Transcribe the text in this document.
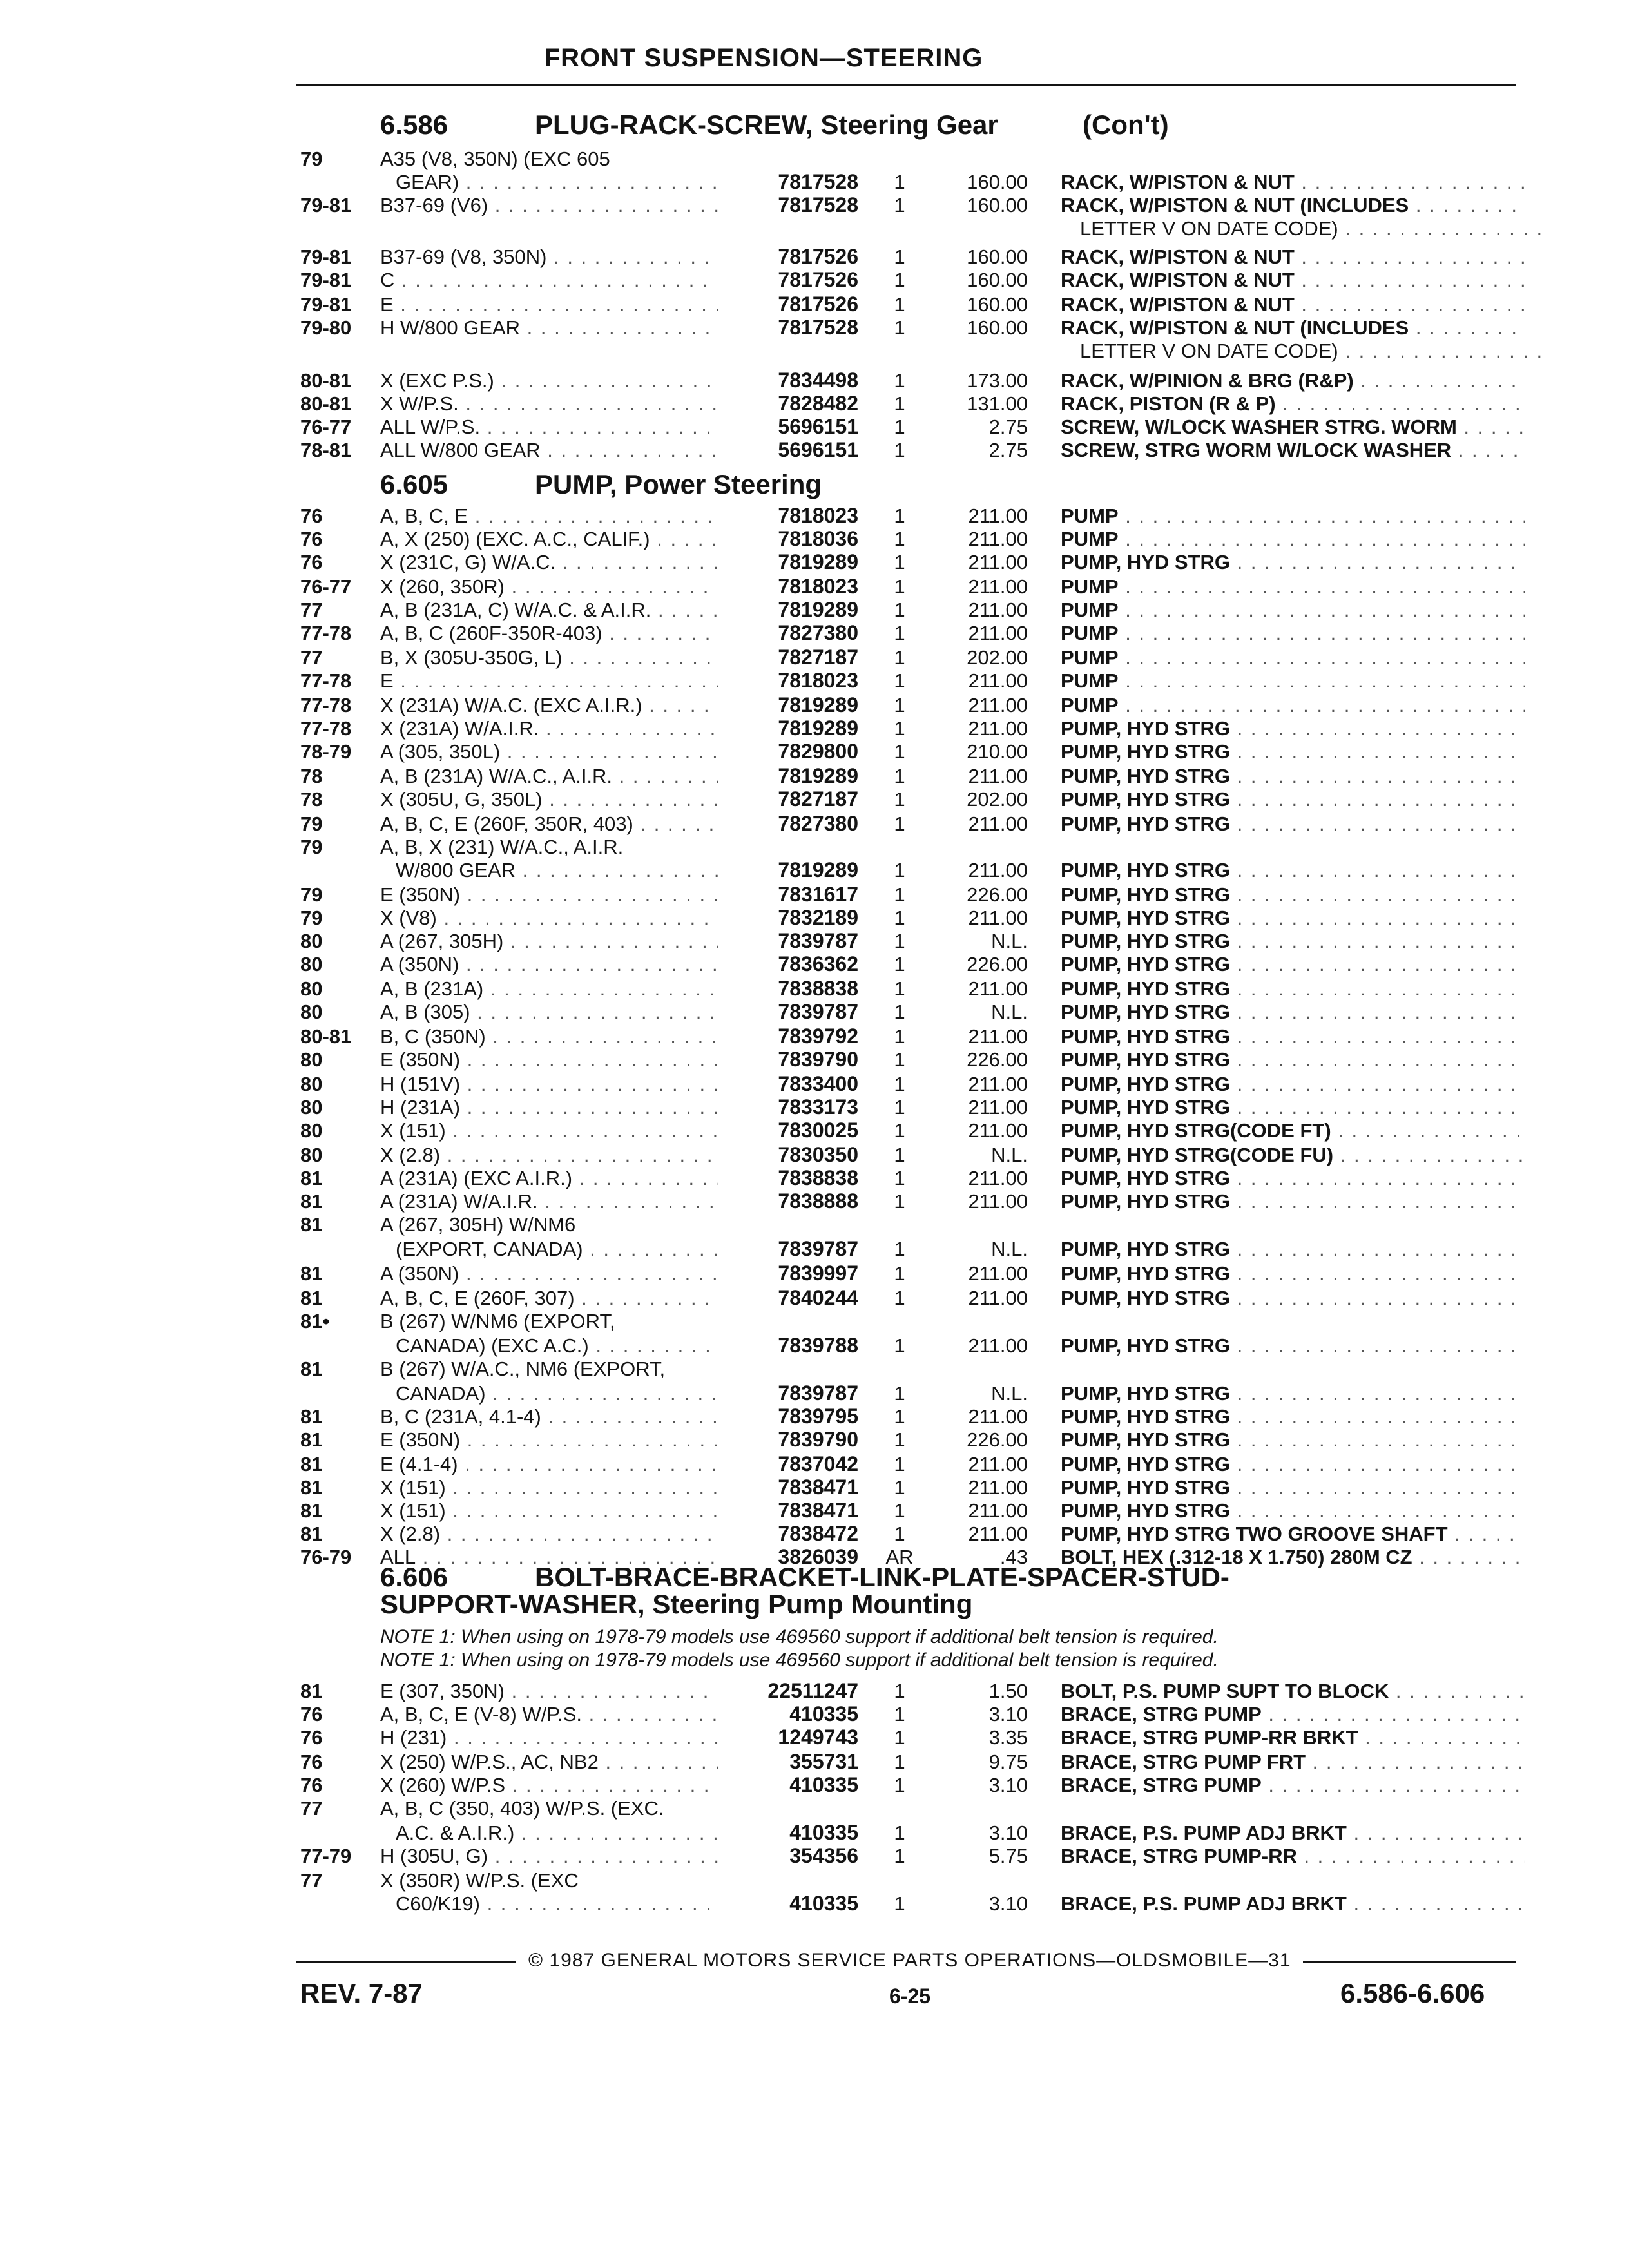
FRONT SUSPENSION—STEERING
6.586	PLUG-RACK-SCREW, Steering Gear	(Con't)
6.605	PUMP, Power Steering
6.606	BOLT-BRACE-BRACKET-LINK-PLATE-SPACER-STUD-
SUPPORT-WASHER, Steering Pump Mounting
NOTE 1: When using on 1978-79 models use 469560 support if additional belt tension is required.
NOTE 1: When using on 1978-79 models use 469560 support if additional belt tension is required.
79	A35 (V8, 350N) (EXC 605
GEAR) . . .	7817528	1	160.00 RACK, W/PISTON & NUT . . .
79-81 B37-69 (V6) . . .	7817528	1	160.00 RACK, W/PISTON & NUT (INCLUDES . . .
LETTER V ON DATE CODE) . . .
79-81 B37-69 (V8, 350N) . . .	7817526	1	160.00 RACK, W/PISTON & NUT . . .
79-81 C . . .	7817526	1	160.00 RACK, W/PISTON & NUT . . .
79-81 E . . .	7817526	1	160.00 RACK, W/PISTON & NUT . . .
79-80 H W/800 GEAR . . .	7817528	1	160.00 RACK, W/PISTON & NUT (INCLUDES . . .
LETTER V ON DATE CODE) . . .
80-81 X (EXC P.S.) . . .	7834498	1	173.00 RACK, W/PINION & BRG (R&P) . . .
80-81 X W/P.S. . . .	7828482	1	131.00 RACK, PISTON (R & P) . . .
76-77 ALL W/P.S. . . .	5696151	1	2.75 SCREW, W/LOCK WASHER STRG. WORM . . .
78-81 ALL W/800 GEAR . . .	5696151	1	2.75 SCREW, STRG WORM W/LOCK WASHER . . .
76	A, B, C, E . . .	7818023	1	211.00 PUMP . . .
76	A, X (250) (EXC. A.C., CALIF.) . . .	7818036	1	211.00 PUMP . . .
76	X (231C, G) W/A.C. . . .	7819289	1	211.00 PUMP, HYD STRG . . .
76-77 X (260, 350R) . . .	7818023	1	211.00 PUMP . . .
77	A, B (231A, C) W/A.C. & A.I.R. . . .	7819289	1	211.00 PUMP . . .
77-78 A, B, C (260F-350R-403) . . .	7827380	1	211.00 PUMP . . .
77	B, X (305U-350G, L) . . .	7827187	1	202.00 PUMP . . .
77-78 E . . .	7818023	1	211.00 PUMP . . .
77-78 X (231A) W/A.C. (EXC A.I.R.) . . .	7819289	1	211.00 PUMP . . .
77-78 X (231A) W/A.I.R. . . .	7819289	1	211.00 PUMP, HYD STRG . . .
78-79 A (305, 350L) . . .	7829800	1	210.00 PUMP, HYD STRG . . .
78	A, B (231A) W/A.C., A.I.R. . . .	7819289	1	211.00 PUMP, HYD STRG . . .
78	X (305U, G, 350L) . . .	7827187	1	202.00 PUMP, HYD STRG . . .
79	A, B, C, E (260F, 350R, 403) . . .	7827380	1	211.00 PUMP, HYD STRG . . .
79	A, B, X (231) W/A.C., A.I.R.
W/800 GEAR . . .	7819289	1	211.00 PUMP, HYD STRG . . .
79	E (350N) . . .	7831617	1	226.00 PUMP, HYD STRG . . .
79	X (V8) . . .	7832189	1	211.00 PUMP, HYD STRG . . .
80	A (267, 305H) . . .	7839787	1	N.L. PUMP, HYD STRG . . .
80	A (350N) . . .	7836362	1	226.00 PUMP, HYD STRG . . .
80	A, B (231A) . . .	7838838	1	211.00 PUMP, HYD STRG . . .
80	A, B (305) . . .	7839787	1	N.L. PUMP, HYD STRG . . .
80-81 B, C (350N) . . .	7839792	1	211.00 PUMP, HYD STRG . . .
80	E (350N) . . .	7839790	1	226.00 PUMP, HYD STRG . . .
80	H (151V) . . .	7833400	1	211.00 PUMP, HYD STRG . . .
80	H (231A) . . .	7833173	1	211.00 PUMP, HYD STRG . . .
80	X (151) . . .	7830025	1	211.00 PUMP, HYD STRG(CODE FT) . . .
80	X (2.8) . . .	7830350	1	N.L. PUMP, HYD STRG(CODE FU) . . .
81	A (231A) (EXC A.I.R.) . . .	7838838	1	211.00 PUMP, HYD STRG . . .
81	A (231A) W/A.I.R. . . .	7838888	1	211.00 PUMP, HYD STRG . . .
81	A (267, 305H) W/NM6
(EXPORT, CANADA) . . .	7839787	1	N.L. PUMP, HYD STRG . . .
81	A (350N) . . .	7839997	1	211.00 PUMP, HYD STRG . . .
81	A, B, C, E (260F, 307) . . .	7840244	1	211.00 PUMP, HYD STRG . . .
81•	B (267) W/NM6 (EXPORT,
CANADA) (EXC A.C.) . . .	7839788	1	211.00 PUMP, HYD STRG . . .
81	B (267) W/A.C., NM6 (EXPORT,
CANADA) . . .	7839787	1	N.L. PUMP, HYD STRG . . .
81	B, C (231A, 4.1-4) . . .	7839795	1	211.00 PUMP, HYD STRG . . .
81	E (350N) . . .	7839790	1	226.00 PUMP, HYD STRG . . .
81	E (4.1-4) . . .	7837042	1	211.00 PUMP, HYD STRG . . .
81	X (151) . . .	7838471	1	211.00 PUMP, HYD STRG . . .
81	X (151) . . .	7838471	1	211.00 PUMP, HYD STRG . . .
81	X (2.8) . . .	7838472	1	211.00 PUMP, HYD STRG TWO GROOVE SHAFT . . .
76-79 ALL . . .	3826039 AR	.43 BOLT, HEX (.312-18 X 1.750) 280M CZ . . .
81	E (307, 350N) . . .	22511247	1	1.50 BOLT, P.S. PUMP SUPT TO BLOCK . . .
76	A, B, C, E (V-8) W/P.S. . . .	410335	1	3.10 BRACE, STRG PUMP . . .
76	H (231) . . .	1249743	1	3.35 BRACE, STRG PUMP-RR BRKT . . .
76	X (250) W/P.S., AC, NB2 . . .	355731	1	9.75 BRACE, STRG PUMP FRT . . .
76	X (260) W/P.S . . .	410335	1	3.10 BRACE, STRG PUMP . . .
77	A, B, C (350, 403) W/P.S. (EXC.
A.C. & A.I.R.) . . .	410335	1	3.10 BRACE, P.S. PUMP ADJ BRKT . . .
77-79 H (305U, G) . . .	354356	1	5.75 BRACE, STRG PUMP-RR . . .
77	X (350R) W/P.S. (EXC
C60/K19) . . .	410335	1	3.10 BRACE, P.S. PUMP ADJ BRKT . . .
© 1987 GENERAL MOTORS SERVICE PARTS OPERATIONS—OLDSMOBILE—31
REV. 7-87	6-25	6.586-6.606
